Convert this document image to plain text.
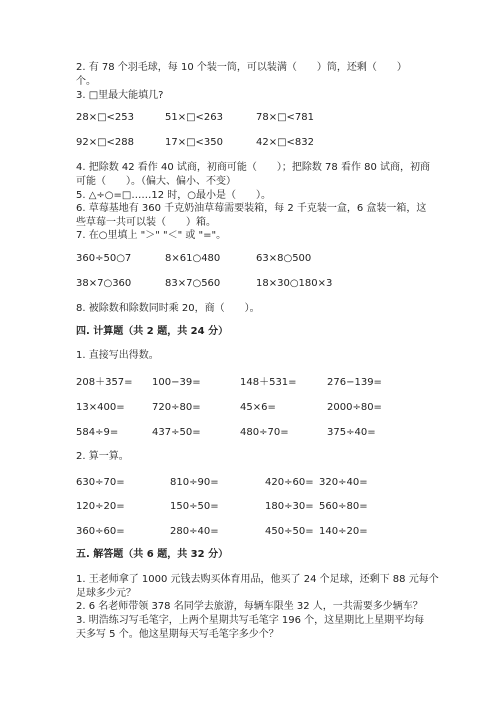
2. 有 78 个羽毛球，每 10 个装一筒，可以装满（　　）筒，还剩（　　）
个。
3. □里最大能填几?
28×□<253	51×□<263	78×□<781
92×□<288	17×□<350	42×□<832
4. 把除数 42 看作 40 试商，初商可能（　　）；把除数 78 看作 80 试商，初商
可能（　　）。（偏大、偏小、不变）
5. △÷○=□……12 时，○最小是（　　）。
6. 草莓基地有 360 千克奶油草莓需要装箱，每 2 千克装一盒，6 盒装一箱，这
些草莓一共可以装（　　）箱。
7. 在○里填上 "＞" "＜" 或 "="。
360÷50○7	8×61○480	63×8○500
38×7○360	83×7○560	18×30○180×3
8. 被除数和除数同时乘 20，商（　　）。
四. 计算题（共 2 题，共 24 分）
1. 直接写出得数。
208＋357= 100−39=	148＋531=	276−139=
13×400=	720÷80=	45×6=	2000÷80=
584÷9=	437÷50=	480÷70=	375÷40=
2. 算一算。
630÷70=	810÷90=	420÷60= 320÷40=
120÷20=	150÷50=	180÷30= 560÷80=
360÷60=	280÷40=	450÷50= 140÷20=
五. 解答题（共 6 题，共 32 分）
1. 王老师拿了 1000 元钱去购买体育用品，他买了 24 个足球，还剩下 88 元每个
足球多少元？
2. 6 名老师带领 378 名同学去旅游，每辆车限坐 32 人，一共需要多少辆车？
3. 明浩练习写毛笔字，上两个星期共写毛笔字 196 个，这星期比上星期平均每
天多写 5 个。他这星期每天写毛笔字多少个？
